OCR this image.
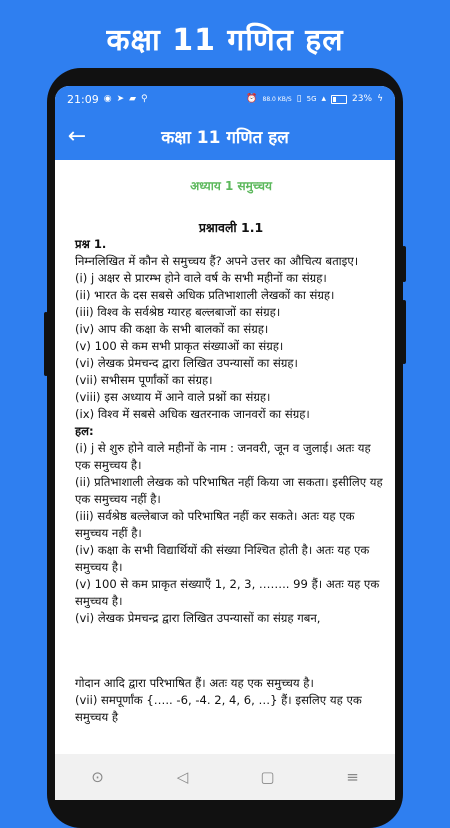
कक्षा 11 गणित हल
21:09 ◉ ➤ ▰ ⚲	⏰ 88.0 KB/S ▯ 5G ▴	23% ϟ
←	कक्षा 11 गणित हल
अध्याय 1 समुच्चय
प्रश्नावली 1.1
प्रश्न 1.

निम्नलिखित में कौन से समुच्चय हैं? अपने उत्तर का औचित्य बताइए।

(i) j अक्षर से प्रारम्भ होने वाले वर्ष के सभी महीनों का संग्रह।

(ii) भारत के दस सबसे अधिक प्रतिभाशाली लेखकों का संग्रह।

(iii) विश्व के सर्वश्रेष्ठ ग्यारह बल्लबाजों का संग्रह।

(iv) आप की कक्षा के सभी बालकों का संग्रह।

(v) 100 से कम सभी प्राकृत संख्याओं का संग्रह।

(vi) लेखक प्रेमचन्द द्वारा लिखित उपन्यासों का संग्रह।

(vii) सभीसम पूर्णांकों का संग्रह।

(viii) इस अध्याय में आने वाले प्रश्नों का संग्रह।

(ix) विश्व में सबसे अधिक खतरनाक जानवरों का संग्रह।

हल:

(i) j से शुरु होने वाले महीनों के नाम : जनवरी, जून व जुलाई। अतः यह एक समुच्चय है।

(ii) प्रतिभाशाली लेखक को परिभाषित नहीं किया जा सकता। इसीलिए यह एक समुच्चय नहीं है।

(iii) सर्वश्रेष्ठ बल्लेबाज को परिभाषित नहीं कर सकते। अतः यह एक समुच्चय नहीं है।

(iv) कक्षा के सभी विद्यार्थियों की संख्या निश्चित होती है। अतः यह एक समुच्चय है।

(v) 100 से कम प्राकृत संख्याएँ 1, 2, 3, …….. 99 हैं। अतः यह एक समुच्चय है।

(vi) लेखक प्रेमचन्द्र द्वारा लिखित उपन्यासों का संग्रह गबन,

गोदान आदि द्वारा परिभाषित हैं। अतः यह एक समुच्चय है।

(vii) समपूर्णांक {….. -6, -4. 2, 4, 6, …} हैं। इसलिए यह एक समुच्चय है

⊙	◁	▢	≡
